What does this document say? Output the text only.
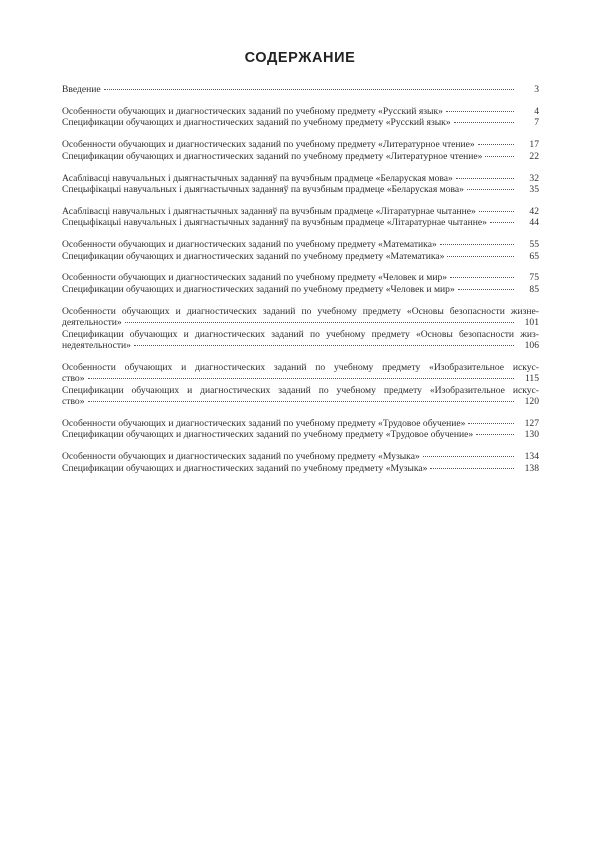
СОДЕРЖАНИЕ
Введение	3
Особенности обучающих и диагностических заданий по учебному предмету «Русский язык»	4
Спецификации обучающих и диагностических заданий по учебному предмету «Русский язык»	7
Особенности обучающих и диагностических заданий по учебному предмету «Литературное чтение»	17
Спецификации обучающих и диагностических заданий по учебному предмету «Литературное чтение»	22
Асаблівасці навучальных і дыягнастычных заданняў па вучэбным прадмеце «Беларуская мова»	32
Спецыфікацыі навучальных і дыягнастычных заданняў па вучэбным прадмеце «Беларуская мова»	35
Асаблівасці навучальных і дыягнастычных заданняў па вучэбным прадмеце «Літаратурнае чытанне»	42
Спецыфікацыі навучальных і дыягнастычных заданняў па вучэбным прадмеце «Літаратурнае чытанне»	44
Особенности обучающих и диагностических заданий по учебному предмету «Математика»	55
Спецификации обучающих и диагностических заданий по учебному предмету «Математика»	65
Особенности обучающих и диагностических заданий по учебному предмету «Человек и мир»	75
Спецификации обучающих и диагностических заданий по учебному предмету «Человек и мир»	85
Особенности обучающих и диагностических заданий по учебному предмету «Основы безопасности жизне-
деятельности»	101
Спецификации обучающих и диагностических заданий по учебному предмету «Основы безопасности жиз-
недеятельности»	106
Особенности обучающих и диагностических заданий по учебному предмету «Изобразительное искус-
ство»	115
Спецификации обучающих и диагностических заданий по учебному предмету «Изобразительное искус-
ство»	120
Особенности обучающих и диагностических заданий по учебному предмету «Трудовое обучение»	127
Спецификации обучающих и диагностических заданий по учебному предмету «Трудовое обучение»	130
Особенности обучающих и диагностических заданий по учебному предмету «Музыка»	134
Спецификации обучающих и диагностических заданий по учебному предмету «Музыка»	138
